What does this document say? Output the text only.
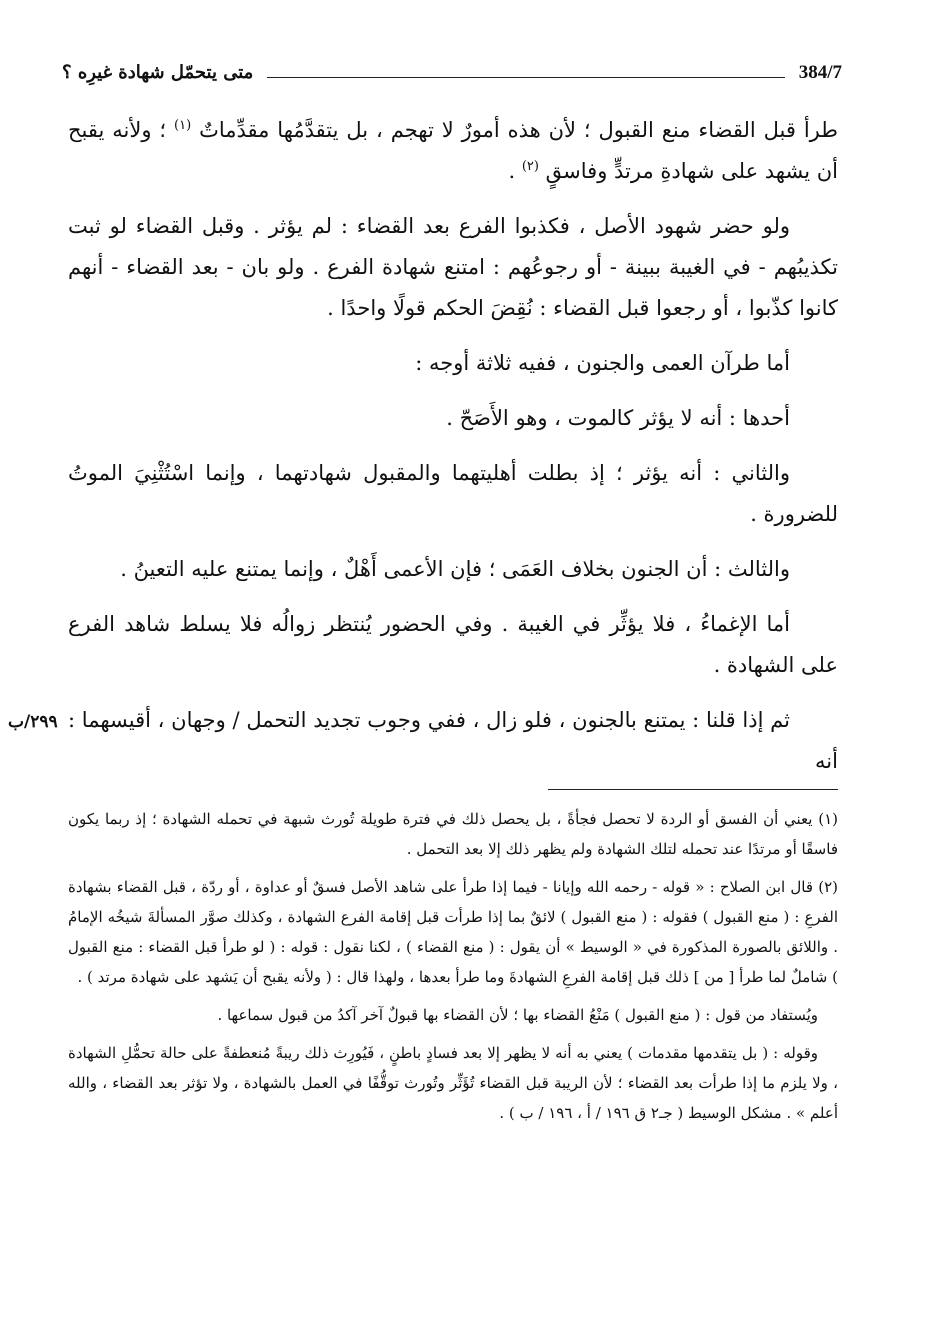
متى يتحمّل شهادة غيرِه ؟	384/7

طرأ قبل القضاء منع القبول ؛ لأن هذه أمورٌ لا تهجم ، بل يتقدَّمُها مقدِّماتٌ $^{(١)}$ ؛ ولأنه يقبح أن يشهد على شهادةِ مرتدٍّ وفاسقٍ $^{(٢)}$ .

ولو حضر شهود الأصل ، فكذبوا الفرع بعد القضاء : لم يؤثر . وقبل القضاء لو ثبت تكذيبُهم - في الغيبة ببينة - أو رجوعُهم : امتنع شهادة الفرع . ولو بان - بعد القضاء - أنهم كانوا كذّبوا ، أو رجعوا قبل القضاء : نُقِضَ الحكم قولًا واحدًا .

أما طرآن العمى والجنون ، ففيه ثلاثة أوجه :

أحدها : أنه لا يؤثر كالموت ، وهو الأَصَحّ .

والثاني : أنه يؤثر ؛ إذ بطلت أهليتهما والمقبول شهادتهما ، وإنما اسْتُثْنِيَ الموتُ للضرورة .

والثالث : أن الجنون بخلاف العَمَى ؛ فإن الأعمى أَهْلٌ ، وإنما يمتنع عليه التعينُ .

أما الإغماءُ ، فلا يؤثِّر في الغيبة . وفي الحضور يُنتظر زوالُه فلا يسلط شاهد الفرع على الشهادة .

ثم إذا قلنا : يمتنع بالجنون ، فلو زال ، ففي وجوب تجديد التحمل / وجهان ، أقيسهما : أنه

٢٩٩/ب

(١) يعني أن الفسق أو الردة لا تحصل فجأةً ، بل يحصل ذلك في فترة طويلة تُورث شبهة في تحمله الشهادة ؛ إذ ربما يكون فاسقًا أو مرتدًا عند تحمله لتلك الشهادة ولم يظهر ذلك إلا بعد التحمل .

(٢) قال ابن الصلاح : « قوله - رحمه الله وإيانا - فيما إذا طرأ على شاهد الأصل فسقٌ أو عداوة ، أو ردّة ، قبل القضاء بشهادة الفرعِ : ( منع القبول ) فقوله : ( منع القبول ) لائقٌ بما إذا طرأت قبل إقامة الفرع الشهادة ، وكذلك صوَّر المسألةَ شيخُه الإمامُ . واللائق بالصورة المذكورة في « الوسيط » أن يقول : ( منع القضاء ) ، لكنا نقول : قوله : ( لو طرأ قبل القضاء : منع القبول ) شاملٌ لما طرأ [ من ] ذلك قبل إقامة الفرعِ الشهادةَ وما طرأ بعدها ، ولهذا قال : ( ولأنه يقبح أن يَشهد على شهادة مرتد ) .

ويُستفاد من قول : ( منع القبول ) مَنْعُ القضاء بها ؛ لأن القضاء بها قبولٌ آخر آكدُ من قبول سماعها .

وقوله : ( بل يتقدمها مقدمات ) يعني به أنه لا يظهر إلا بعد فسادٍ باطنٍ ، فَيُورِث ذلك ريبةً مُنعطفةً على حالة تحمُّلِ الشهادة ، ولا يلزم ما إذا طرأت بعد القضاء ؛ لأن الريبة قبل القضاء تُؤَثِّر وتُورث توقُّفًا في العمل بالشهادة ، ولا تؤثر بعد القضاء ، والله أعلم » . مشكل الوسيط ( جـ٢ ق ١٩٦ / أ ، ١٩٦ / ب ) .
